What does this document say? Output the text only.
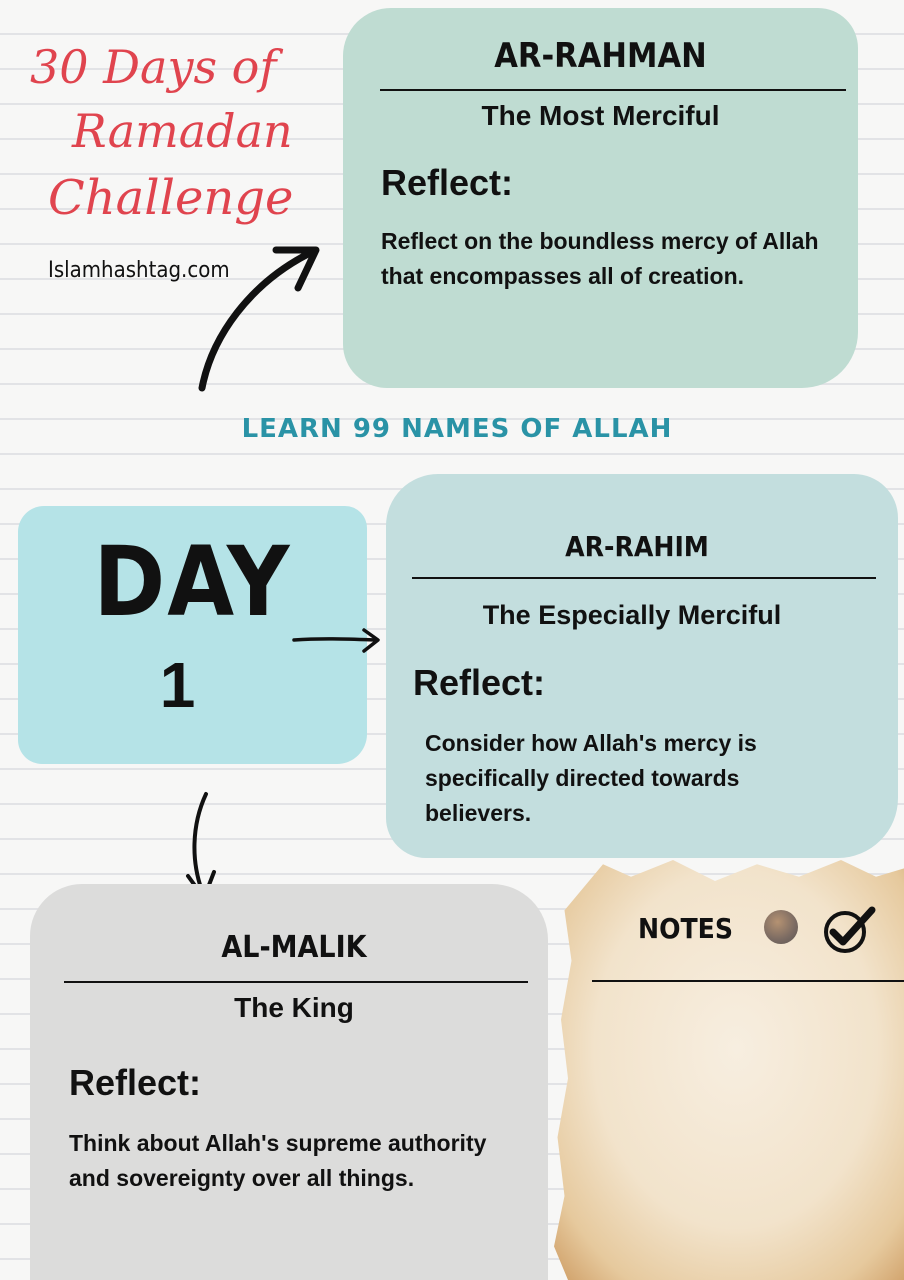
30 Days of
Ramadan
Challenge
Islamhashtag.com
AR-RAHMAN
The Most Merciful
Reflect:
Reflect on the boundless mercy of Allah that encompasses all of creation.
LEARN 99 NAMES OF ALLAH
DAY
1
AR-RAHIM
The Especially Merciful
Reflect:
Consider how Allah's mercy is specifically directed towards believers.
NOTES
AL-MALIK
The King
Reflect:
Think about Allah's supreme authority and sovereignty over all things.
